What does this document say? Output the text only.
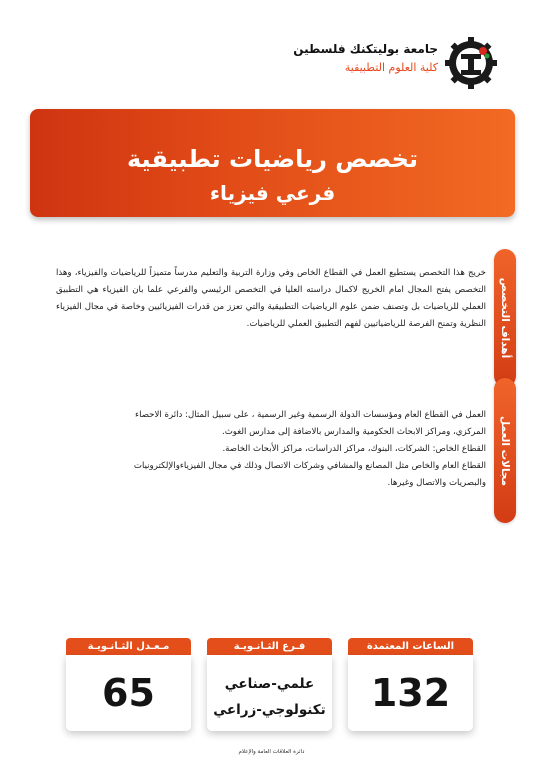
جامعة بوليتكنك فلسطين
كلية العلوم التطبيقية
تخصص رياضيات تطبيقية
فرعي فيزياء
أهداف التخصص
مجالات العمل

خريج هذا التخصص يستطيع العمل في القطاع الخاص وفي وزارة التربية والتعليم مدرساً متميزاً للرياضيات والفيزياء، وهذا التخصص يفتح المجال امام الخريج لاكمال دراسته العليا في التخصص الرئيسي والفرعي علما بان الفيزياء هي التطبيق العملي للرياضيات بل وتصنف ضمن علوم الرياضيات التطبيقية والتي تعزز من قدرات الفيزيائيين وخاصة في مجال الفيزياء النظرية وتمنح الفرصة للرياضياتيين لفهم التطبيق العملي للرياضيات.

العمل في القطاع العام ومؤسسات الدولة الرسمية وغير الرسمية ، على سبيل المثال: دائرة الاحصاء

المركزي، ومراكز الابحاث الحكومية والمدارس بالاضافة إلى مدارس الغوث.

القطاع الخاص: الشركات، البنوك، مراكز الدراسات، مراكز الأبحاث الخاصة.

القطاع العام والخاص مثل المصانع والمشافي وشركات الاتصال وذلك في مجال الفيزياءوالإلكترونيات

والبصريات والاتصال وغيرها.

الساعات المعتمدة
132
فـرع الثـانـويـة
علمي-صناعي
تكنولوجي-زراعي
مـعـدل الثـانـويـة
65
دائرة العلاقات العامة والإعلام
